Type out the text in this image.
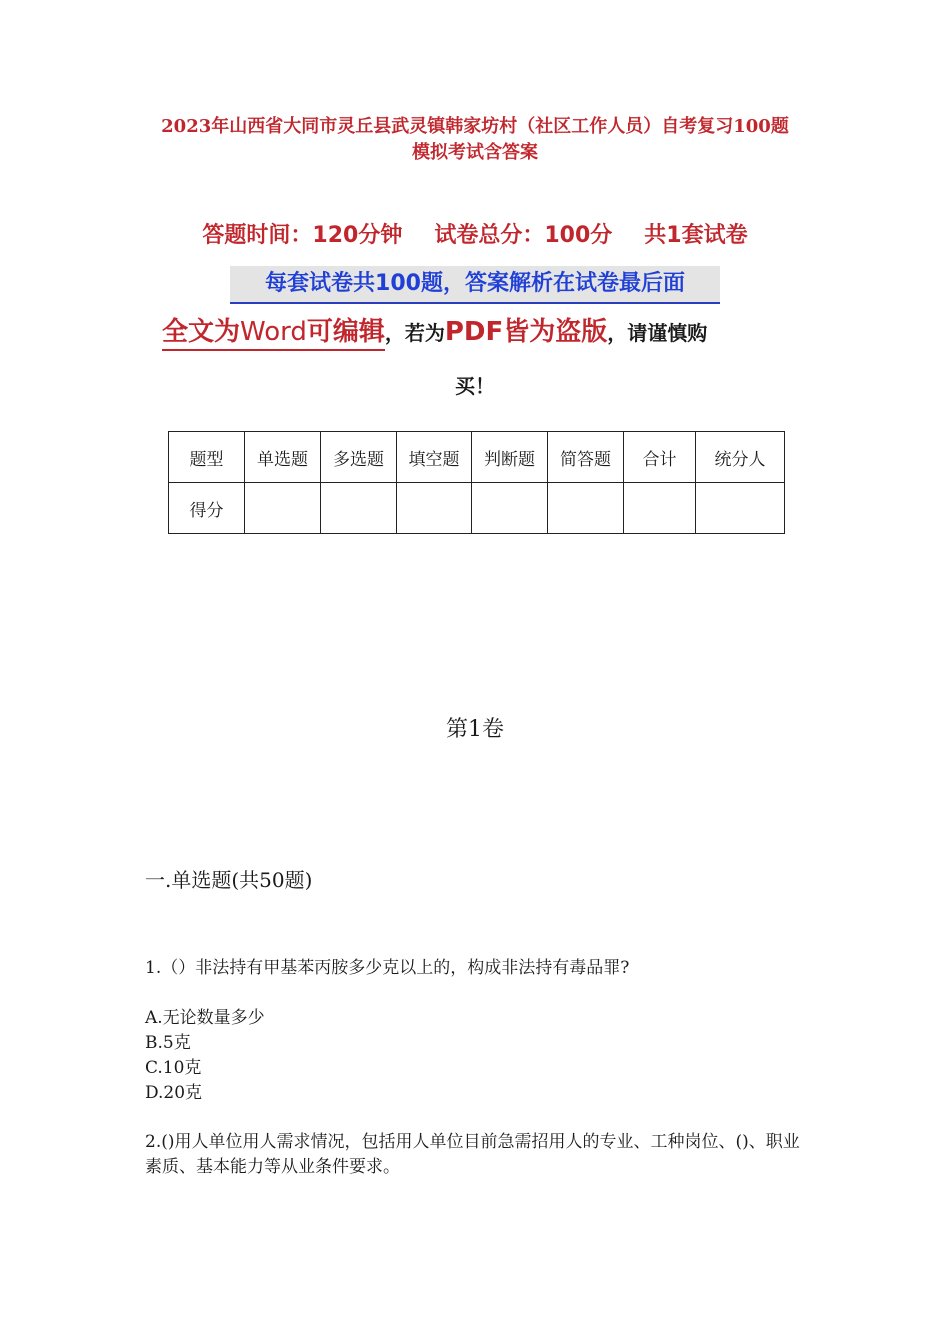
2023年山西省大同市灵丘县武灵镇韩家坊村（社区工作人员）自考复习100题
模拟考试含答案
答题时间：120分钟 试卷总分：100分 共1套试卷
每套试卷共100题，答案解析在试卷最后面
全文为Word可编辑，若为PDF皆为盗版，请谨慎购
买！
题型	单选题	多选题	填空题	判断题	简答题	合计	统分人
得分							
第1卷
一.单选题(共50题)
1.（）非法持有甲基苯丙胺多少克以上的，构成非法持有毒品罪?
A.无论数量多少
B.5克
C.10克
D.20克
2.()用人单位用人需求情况，包括用人单位目前急需招用人的专业、工种岗位、()、职业素质、基本能力等从业条件要求。
